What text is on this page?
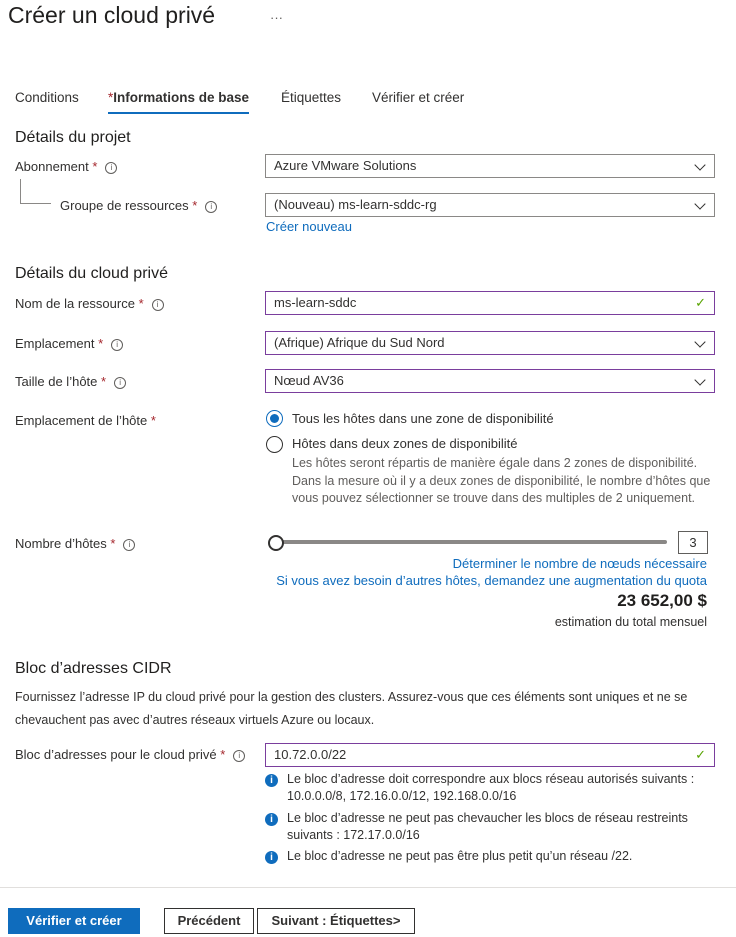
Créer un cloud privé	···
Conditions *Informations de base Étiquettes Vérifier et créer
Détails du projet
Abonnement * i	Azure VMware Solutions
Groupe de ressources * i	(Nouveau) ms-learn-sddc-rg
Créer nouveau
Détails du cloud privé
Nom de la ressource * i	ms-learn-sddc	✓
Emplacement * i	(Afrique) Afrique du Sud Nord
Taille de l’hôte * i	Nœud AV36
Emplacement de l’hôte *	Tous les hôtes dans une zone de disponibilité
Hôtes dans deux zones de disponibilité
Les hôtes seront répartis de manière égale dans 2 zones de disponibilité. Dans la mesure où il y a deux zones de disponibilité, le nombre d’hôtes que vous pouvez sélectionner se trouve dans des multiples de 2 uniquement.
Nombre d’hôtes * i	3
Déterminer le nombre de nœuds nécessaire
Si vous avez besoin d’autres hôtes, demandez une augmentation du quota
23 652,00 $
estimation du total mensuel
Bloc d’adresses CIDR
Fournissez l’adresse IP du cloud privé pour la gestion des clusters. Assurez-vous que ces éléments sont uniques et ne se chevauchent pas avec d’autres réseaux virtuels Azure ou locaux.
Bloc d’adresses pour le cloud privé * i	10.72.0.0/22	✓
i	Le bloc d’adresse doit correspondre aux blocs réseau autorisés suivants : 10.0.0.0/8, 172.16.0.0/12, 192.168.0.0/16
i	Le bloc d’adresse ne peut pas chevaucher les blocs de réseau restreints suivants : 172.17.0.0/16
i	Le bloc d’adresse ne peut pas être plus petit qu’un réseau /22.
Vérifier et créer	Précédent	Suivant : Étiquettes>
